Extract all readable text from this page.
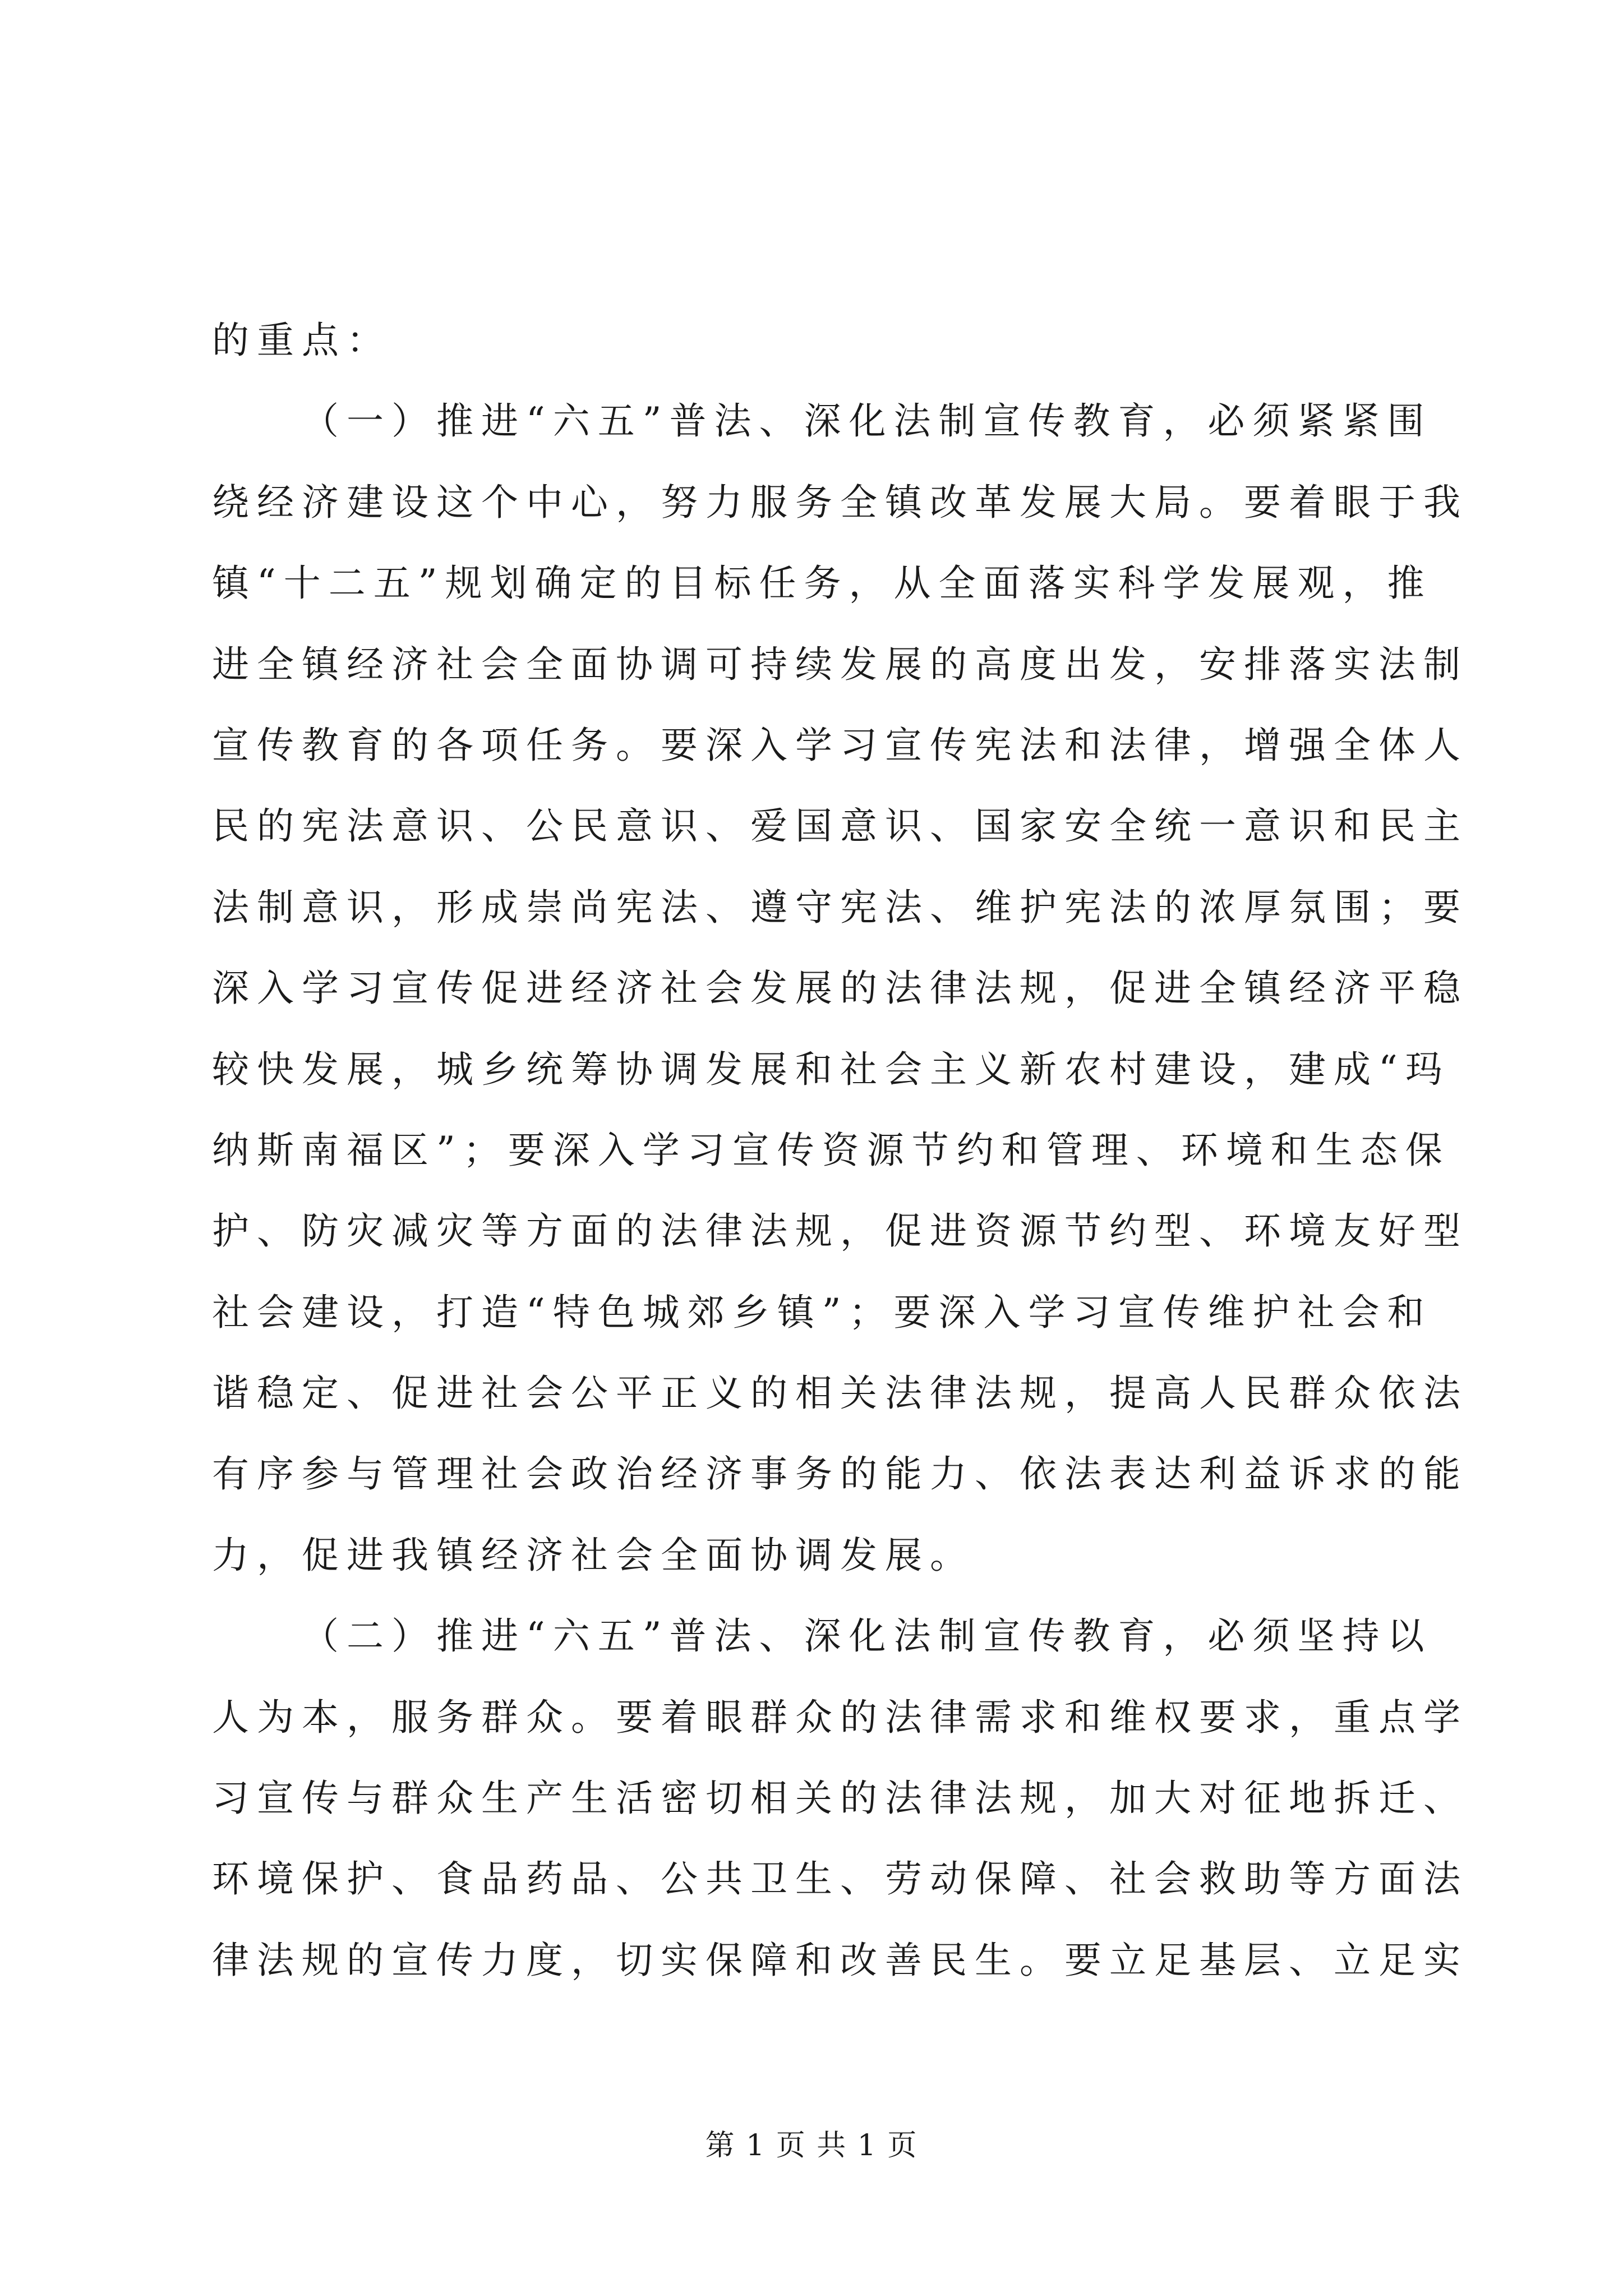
的重点：
（一）推进“六五”普法、深化法制宣传教育，必须紧紧围
绕经济建设这个中心，努力服务全镇改革发展大局。要着眼于我
镇“十二五”规划确定的目标任务，从全面落实科学发展观，推
进全镇经济社会全面协调可持续发展的高度出发，安排落实法制
宣传教育的各项任务。要深入学习宣传宪法和法律，增强全体人
民的宪法意识、公民意识、爱国意识、国家安全统一意识和民主
法制意识，形成崇尚宪法、遵守宪法、维护宪法的浓厚氛围；要
深入学习宣传促进经济社会发展的法律法规，促进全镇经济平稳
较快发展，城乡统筹协调发展和社会主义新农村建设，建成“玛
纳斯南福区”；要深入学习宣传资源节约和管理、环境和生态保
护、防灾减灾等方面的法律法规，促进资源节约型、环境友好型
社会建设，打造“特色城郊乡镇”；要深入学习宣传维护社会和
谐稳定、促进社会公平正义的相关法律法规，提高人民群众依法
有序参与管理社会政治经济事务的能力、依法表达利益诉求的能
力，促进我镇经济社会全面协调发展。
（二）推进“六五”普法、深化法制宣传教育，必须坚持以
人为本，服务群众。要着眼群众的法律需求和维权要求，重点学
习宣传与群众生产生活密切相关的法律法规，加大对征地拆迁、
环境保护、食品药品、公共卫生、劳动保障、社会救助等方面法
律法规的宣传力度，切实保障和改善民生。要立足基层、立足实
第 1 页 共 1 页
